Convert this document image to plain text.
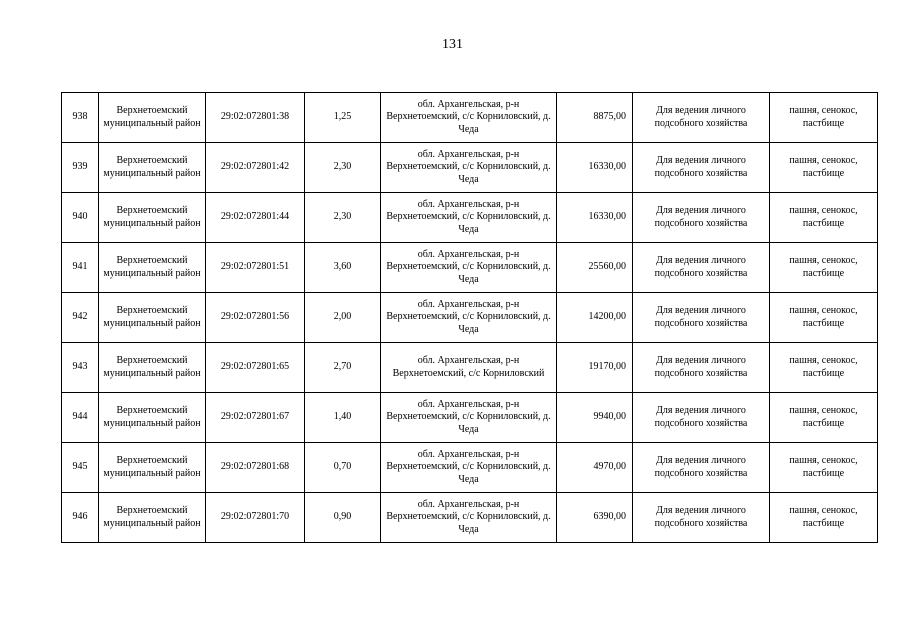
131
938	Верхнетоемский муниципальный район	29:02:072801:38	1,25	обл. Архангельская, р-н Верхнетоемский, с/с Корниловский, д. Чеда	8875,00	Для ведения личного подсобного хозяйства	пашня, сенокос, пастбище
939	Верхнетоемский муниципальный район	29:02:072801:42	2,30	обл. Архангельская, р-н Верхнетоемский, с/с Корниловский, д. Чеда	16330,00	Для ведения личного подсобного хозяйства	пашня, сенокос, пастбище
940	Верхнетоемский муниципальный район	29:02:072801:44	2,30	обл. Архангельская, р-н Верхнетоемский, с/с Корниловский, д. Чеда	16330,00	Для ведения личного подсобного хозяйства	пашня, сенокос, пастбище
941	Верхнетоемский муниципальный район	29:02:072801:51	3,60	обл. Архангельская, р-н Верхнетоемский, с/с Корниловский, д. Чеда	25560,00	Для ведения личного подсобного хозяйства	пашня, сенокос, пастбище
942	Верхнетоемский муниципальный район	29:02:072801:56	2,00	обл. Архангельская, р-н Верхнетоемский, с/с Корниловский, д. Чеда	14200,00	Для ведения личного подсобного хозяйства	пашня, сенокос, пастбище
943	Верхнетоемский муниципальный район	29:02:072801:65	2,70	обл. Архангельская, р-н Верхнетоемский, с/с Корниловский	19170,00	Для ведения личного подсобного хозяйства	пашня, сенокос, пастбище
944	Верхнетоемский муниципальный район	29:02:072801:67	1,40	обл. Архангельская, р-н Верхнетоемский, с/с Корниловский, д. Чеда	9940,00	Для ведения личного подсобного хозяйства	пашня, сенокос, пастбище
945	Верхнетоемский муниципальный район	29:02:072801:68	0,70	обл. Архангельская, р-н Верхнетоемский, с/с Корниловский, д. Чеда	4970,00	Для ведения личного подсобного хозяйства	пашня, сенокос, пастбище
946	Верхнетоемский муниципальный район	29:02:072801:70	0,90	обл. Архангельская, р-н Верхнетоемский, с/с Корниловский, д. Чеда	6390,00	Для ведения личного подсобного хозяйства	пашня, сенокос, пастбище
